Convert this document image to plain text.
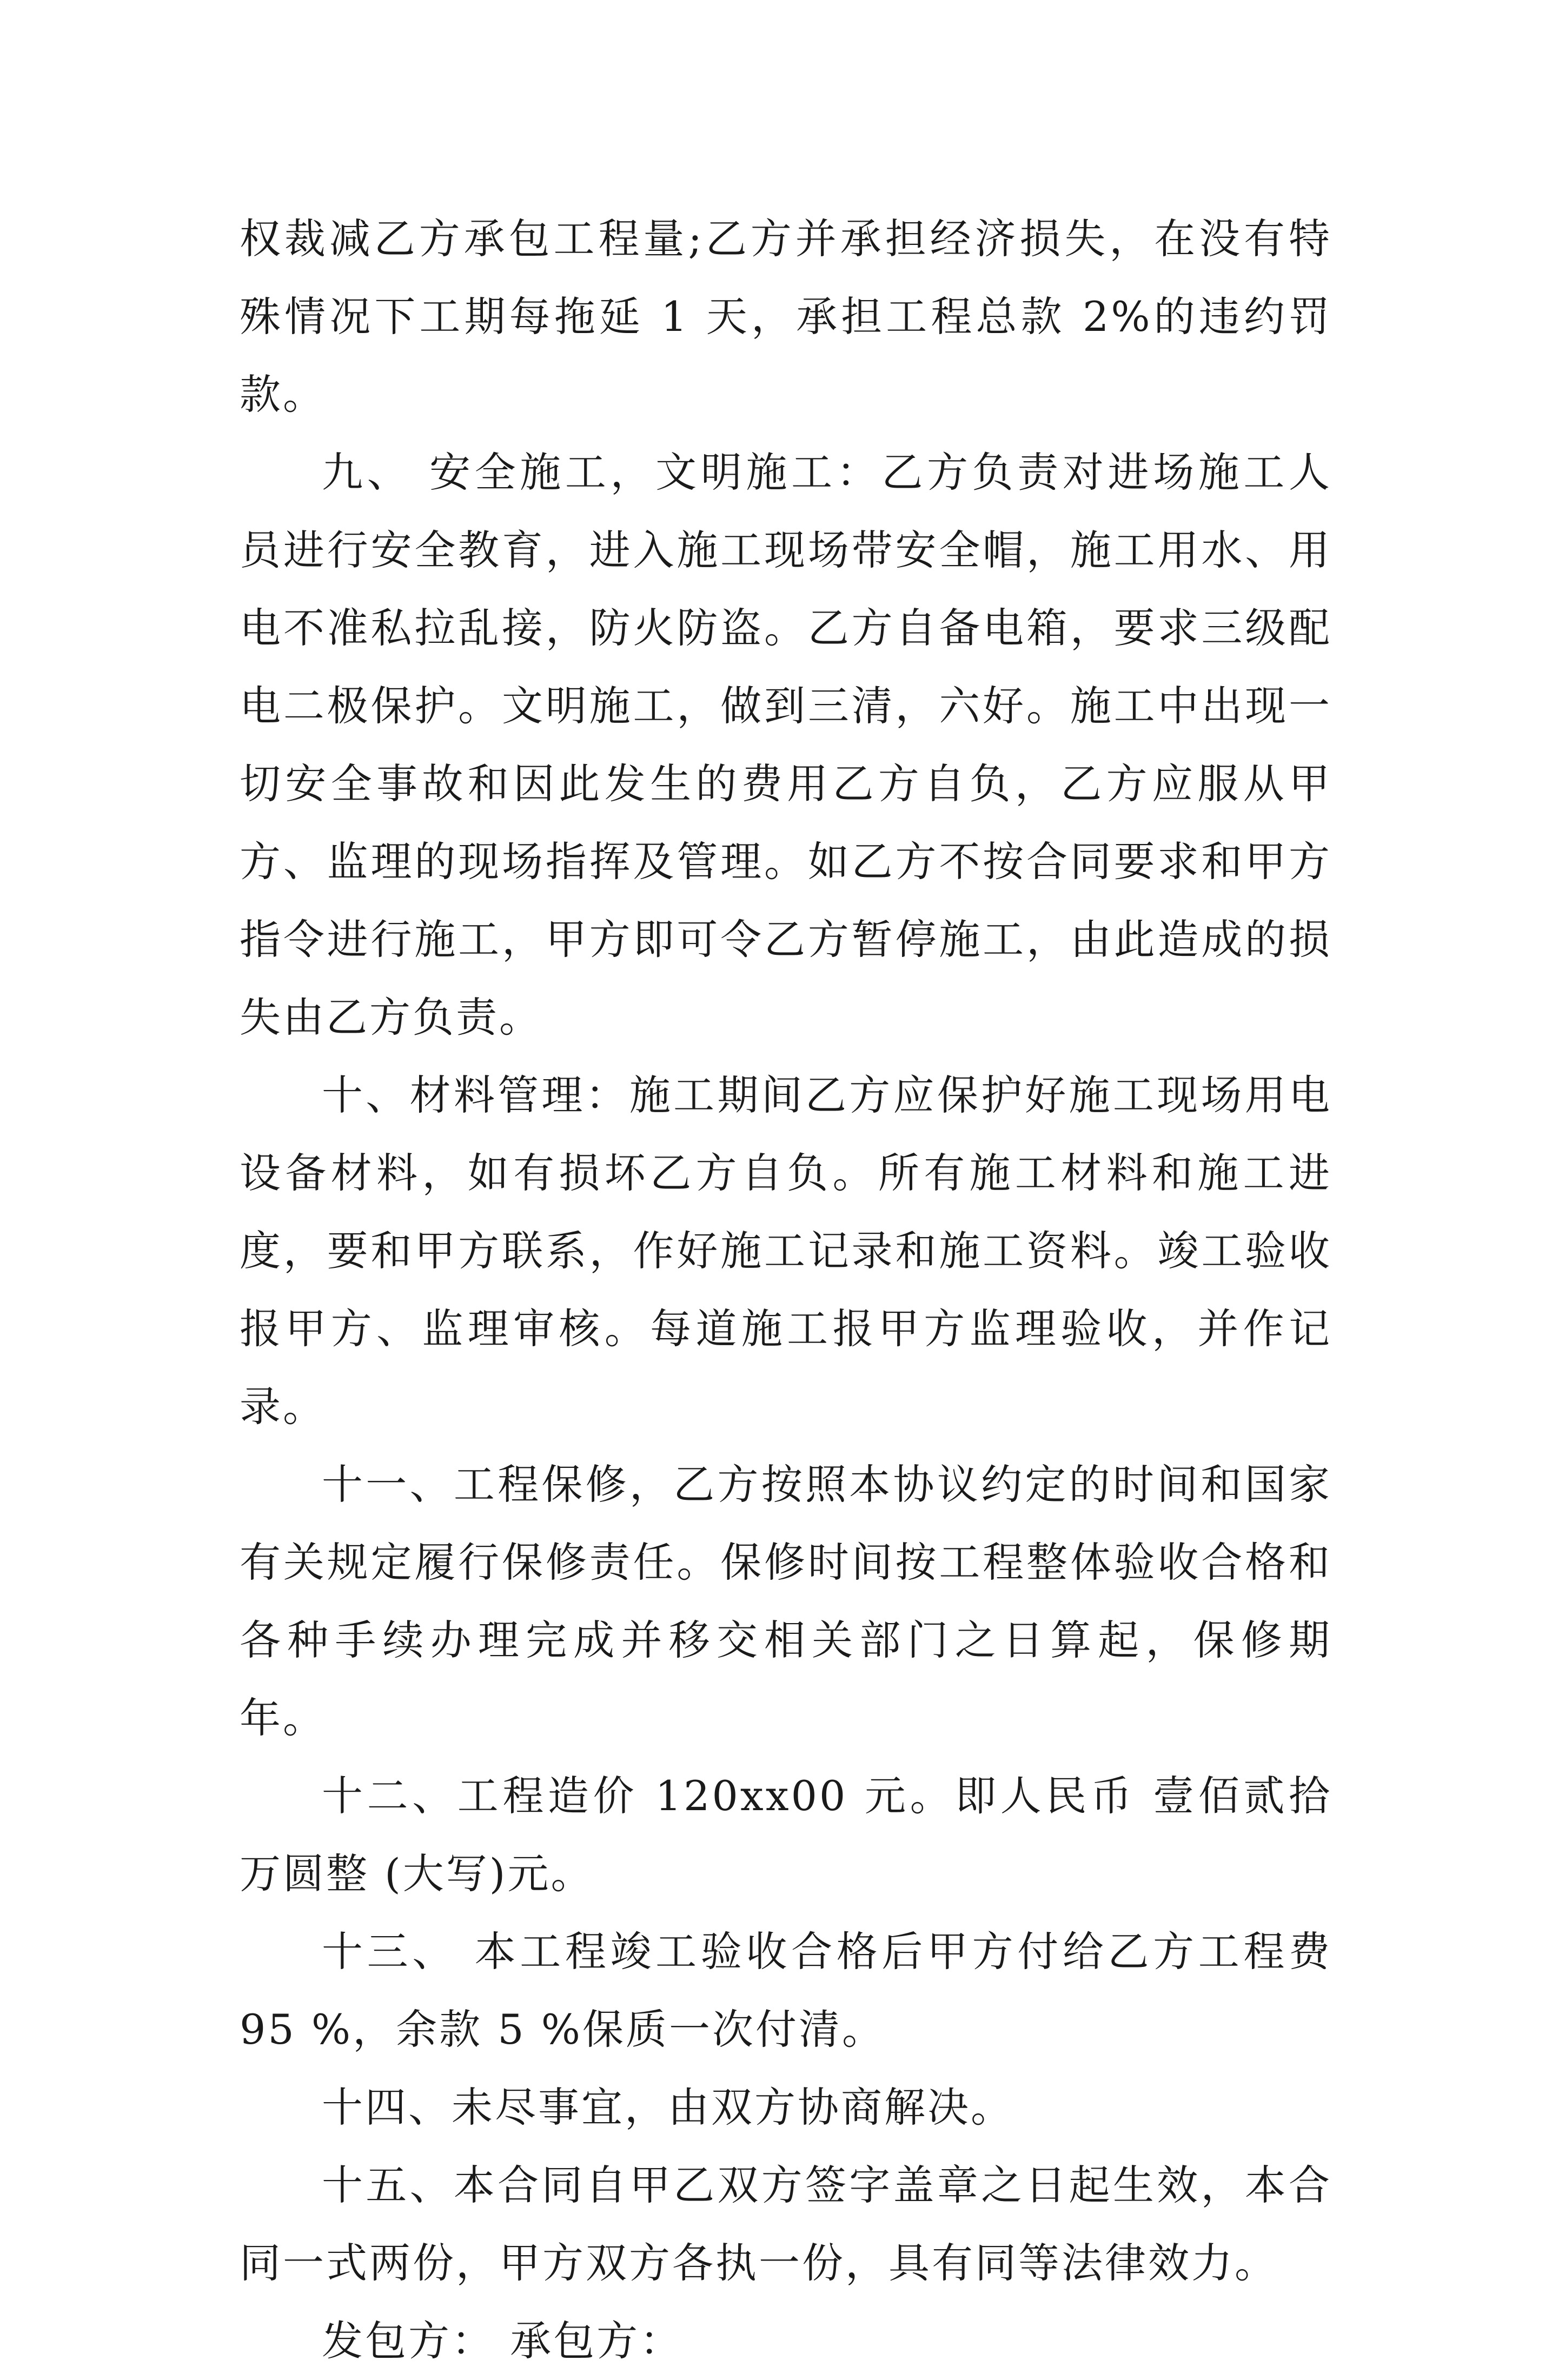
权裁减乙方承包工程量;乙方并承担经济损失，在没有特殊情况下工期每拖延 1 天，承担工程总款 2%的违约罚款。

九、 安全施工，文明施工：乙方负责对进场施工人员进行安全教育，进入施工现场带安全帽，施工用水、用电不准私拉乱接，防火防盗。乙方自备电箱，要求三级配电二极保护。文明施工，做到三清，六好。施工中出现一切安全事故和因此发生的费用乙方自负，乙方应服从甲方、监理的现场指挥及管理。如乙方不按合同要求和甲方指令进行施工，甲方即可令乙方暂停施工，由此造成的损失由乙方负责。

十、材料管理：施工期间乙方应保护好施工现场用电设备材料，如有损坏乙方自负。所有施工材料和施工进度，要和甲方联系，作好施工记录和施工资料。竣工验收报甲方、监理审核。每道施工报甲方监理验收，并作记录。

十一、工程保修，乙方按照本协议约定的时间和国家有关规定履行保修责任。保修时间按工程整体验收合格和各种手续办理完成并移交相关部门之日算起，保修期 年。

十二、工程造价 120xx00 元。即人民币 壹佰贰拾万圆整 (大写)元。

十三、 本工程竣工验收合格后甲方付给乙方工程费 95 %，余款 5 %保质一次付清。

十四、未尽事宜，由双方协商解决。

十五、本合同自甲乙双方签字盖章之日起生效，本合同一式两份，甲方双方各执一份，具有同等法律效力。

发包方： 承包方：
